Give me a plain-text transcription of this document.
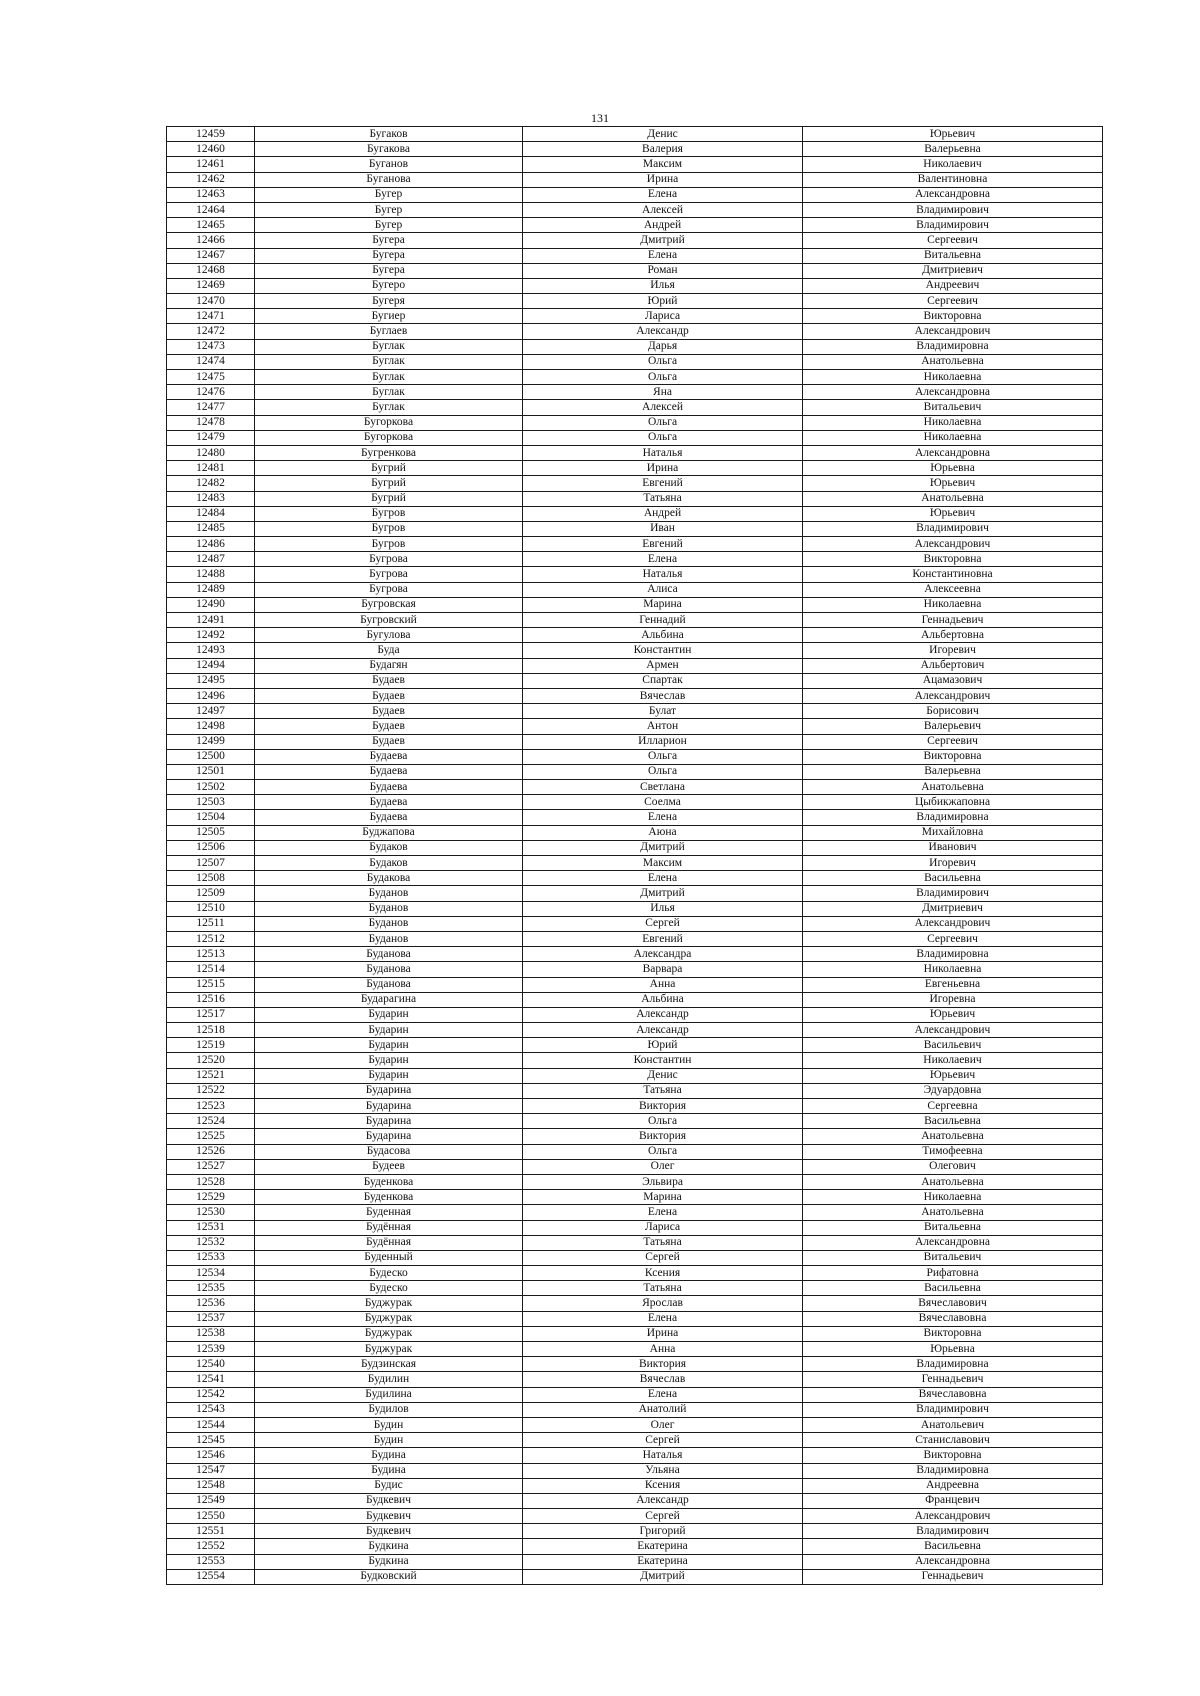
131
12459	Бугаков	Денис	Юрьевич
12460	Бугакова	Валерия	Валерьевна
12461	Буганов	Максим	Николаевич
12462	Буганова	Ирина	Валентиновна
12463	Бугер	Елена	Александровна
12464	Бугер	Алексей	Владимирович
12465	Бугер	Андрей	Владимирович
12466	Бугера	Дмитрий	Сергеевич
12467	Бугера	Елена	Витальевна
12468	Бугера	Роман	Дмитриевич
12469	Бугеро	Илья	Андреевич
12470	Бугеря	Юрий	Сергеевич
12471	Бугиер	Лариса	Викторовна
12472	Буглаев	Александр	Александрович
12473	Буглак	Дарья	Владимировна
12474	Буглак	Ольга	Анатольевна
12475	Буглак	Ольга	Николаевна
12476	Буглак	Яна	Александровна
12477	Буглак	Алексей	Витальевич
12478	Бугоркова	Ольга	Николаевна
12479	Бугоркова	Ольга	Николаевна
12480	Бугренкова	Наталья	Александровна
12481	Бугрий	Ирина	Юрьевна
12482	Бугрий	Евгений	Юрьевич
12483	Бугрий	Татьяна	Анатольевна
12484	Бугров	Андрей	Юрьевич
12485	Бугров	Иван	Владимирович
12486	Бугров	Евгений	Александрович
12487	Бугрова	Елена	Викторовна
12488	Бугрова	Наталья	Константиновна
12489	Бугрова	Алиса	Алексеевна
12490	Бугровская	Марина	Николаевна
12491	Бугровский	Геннадий	Геннадьевич
12492	Бугулова	Альбина	Альбертовна
12493	Буда	Константин	Игоревич
12494	Будагян	Армен	Альбертович
12495	Будаев	Спартак	Ацамазович
12496	Будаев	Вячеслав	Александрович
12497	Будаев	Булат	Борисович
12498	Будаев	Антон	Валерьевич
12499	Будаев	Илларион	Сергеевич
12500	Будаева	Ольга	Викторовна
12501	Будаева	Ольга	Валерьевна
12502	Будаева	Светлана	Анатольевна
12503	Будаева	Соелма	Цыбикжаповна
12504	Будаева	Елена	Владимировна
12505	Буджапова	Аюна	Михайловна
12506	Будаков	Дмитрий	Иванович
12507	Будаков	Максим	Игоревич
12508	Будакова	Елена	Васильевна
12509	Буданов	Дмитрий	Владимирович
12510	Буданов	Илья	Дмитриевич
12511	Буданов	Сергей	Александрович
12512	Буданов	Евгений	Сергеевич
12513	Буданова	Александра	Владимировна
12514	Буданова	Варвара	Николаевна
12515	Буданова	Анна	Евгеньевна
12516	Бударагина	Альбина	Игоревна
12517	Бударин	Александр	Юрьевич
12518	Бударин	Александр	Александрович
12519	Бударин	Юрий	Васильевич
12520	Бударин	Константин	Николаевич
12521	Бударин	Денис	Юрьевич
12522	Бударина	Татьяна	Эдуардовна
12523	Бударина	Виктория	Сергеевна
12524	Бударина	Ольга	Васильевна
12525	Бударина	Виктория	Анатольевна
12526	Будасова	Ольга	Тимофеевна
12527	Будеев	Олег	Олегович
12528	Буденкова	Эльвира	Анатольевна
12529	Буденкова	Марина	Николаевна
12530	Буденная	Елена	Анатольевна
12531	Будённая	Лариса	Витальевна
12532	Будённая	Татьяна	Александровна
12533	Буденный	Сергей	Витальевич
12534	Будеско	Ксения	Рифатовна
12535	Будеско	Татьяна	Васильевна
12536	Буджурак	Ярослав	Вячеславович
12537	Буджурак	Елена	Вячеславовна
12538	Буджурак	Ирина	Викторовна
12539	Буджурак	Анна	Юрьевна
12540	Будзинская	Виктория	Владимировна
12541	Будилин	Вячеслав	Геннадьевич
12542	Будилина	Елена	Вячеславовна
12543	Будилов	Анатолий	Владимирович
12544	Будин	Олег	Анатольевич
12545	Будин	Сергей	Станиславович
12546	Будина	Наталья	Викторовна
12547	Будина	Ульяна	Владимировна
12548	Будис	Ксения	Андреевна
12549	Будкевич	Александр	Францевич
12550	Будкевич	Сергей	Александрович
12551	Будкевич	Григорий	Владимирович
12552	Будкина	Екатерина	Васильевна
12553	Будкина	Екатерина	Александровна
12554	Будковский	Дмитрий	Геннадьевич
